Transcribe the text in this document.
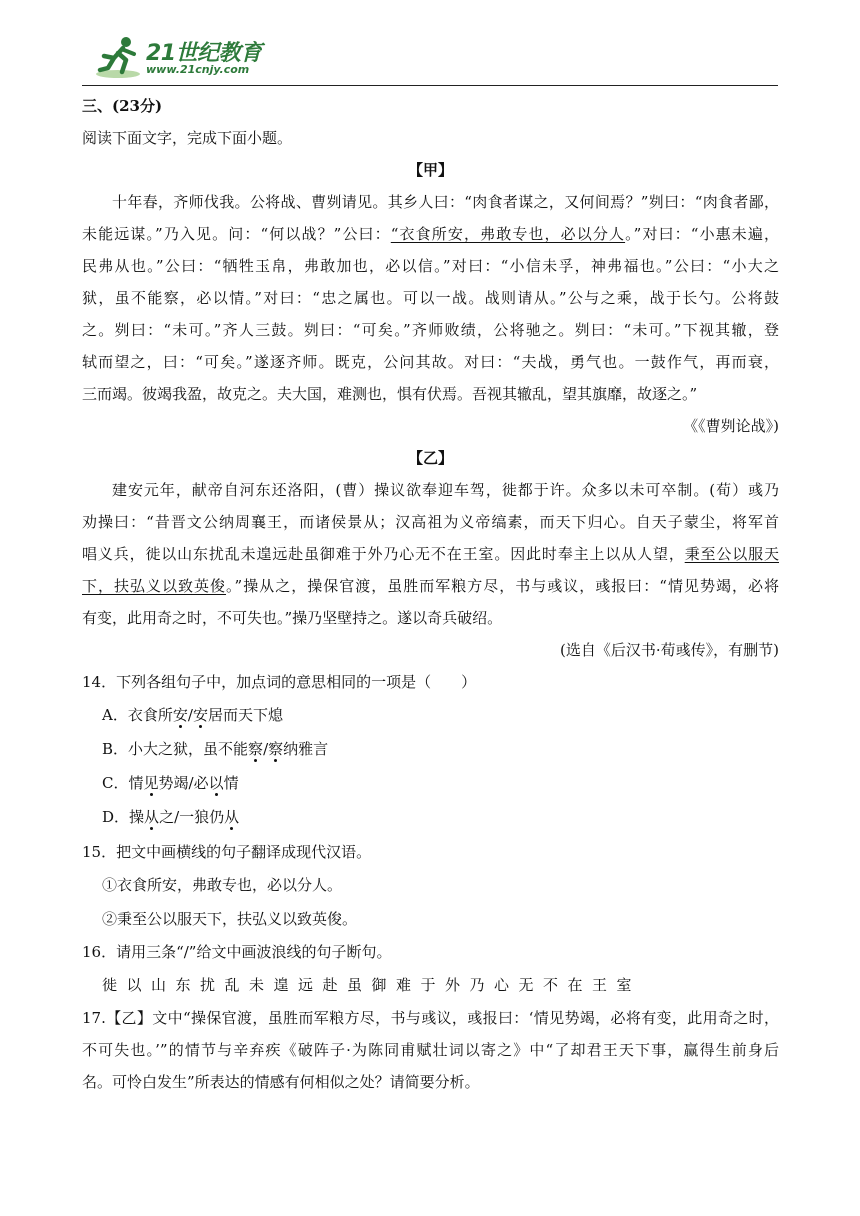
21世纪教育
www.21cnjy.com
三、(23分)
阅读下面文字，完成下面小题。
【甲】
十年春，齐师伐我。公将战、曹刿请见。其乡人曰：“肉食者谋之，又何间焉？”刿曰：“肉食者鄙，
未能远谋。”乃入见。问：“何以战？”公曰：“衣食所安，弗敢专也，必以分人。”对曰：“小惠未遍，
民弗从也。”公曰：“牺牲玉帛，弗敢加也，必以信。”对曰：“小信未孚，神弗福也。”公曰：“小大之
狱，虽不能察，必以情。”对曰：“忠之属也。可以一战。战则请从。”公与之乘，战于长勺。公将鼓
之。刿曰：“未可。”齐人三鼓。刿曰：“可矣。”齐师败绩，公将驰之。刿曰：“未可。”下视其辙，登
轼而望之，曰：“可矣。”遂逐齐师。既克，公问其故。对曰：“夫战，勇气也。一鼓作气，再而衰，
三而竭。彼竭我盈，故克之。夫大国，难测也，惧有伏焉。吾视其辙乱，望其旗靡，故逐之。”
《《曹刿论战》)
【乙】
建安元年，献帝自河东还洛阳，(曹）操议欲奉迎车驾，徙都于许。众多以未可卒制。(荀）彧乃
劝操曰：“昔晋文公纳周襄王，而诸侯景从；汉高祖为义帝缟素，而天下归心。自天子蒙尘，将军首
唱义兵，徙以山东扰乱未遑远赴虽御难于外乃心无不在王室。因此时奉主上以从人望，秉至公以服天
下，扶弘义以致英俊。”操从之，操保官渡，虽胜而军粮方尽，书与彧议，彧报曰：“情见势竭，必将
有变，此用奇之时，不可失也。”操乃坚壁持之。遂以奇兵破绍。
(选自《后汉书·荀彧传》，有删节)
14．下列各组句子中，加点词的意思相同的一项是（　　）
A．衣食所安/安居而天下熄
B．小大之狱，虽不能察/察纳雅言
C．情见势竭/必以情
D．操从之/一狼仍从
15．把文中画横线的句子翻译成现代汉语。
①衣食所安，弗敢专也，必以分人。
②秉至公以服天下，扶弘义以致英俊。
16．请用三条“/”给文中画波浪线的句子断句。
徙以山东扰乱未遑远赴虽御难于外乃心无不在王室
17.【乙】文中“操保官渡，虽胜而军粮方尽，书与彧议，彧报曰：‘情见势竭，必将有变，此用奇之时，
不可失也。’”的情节与辛弃疾《破阵子·为陈同甫赋壮词以寄之》中“了却君王天下事，赢得生前身后
名。可怜白发生”所表达的情感有何相似之处？请简要分析。
